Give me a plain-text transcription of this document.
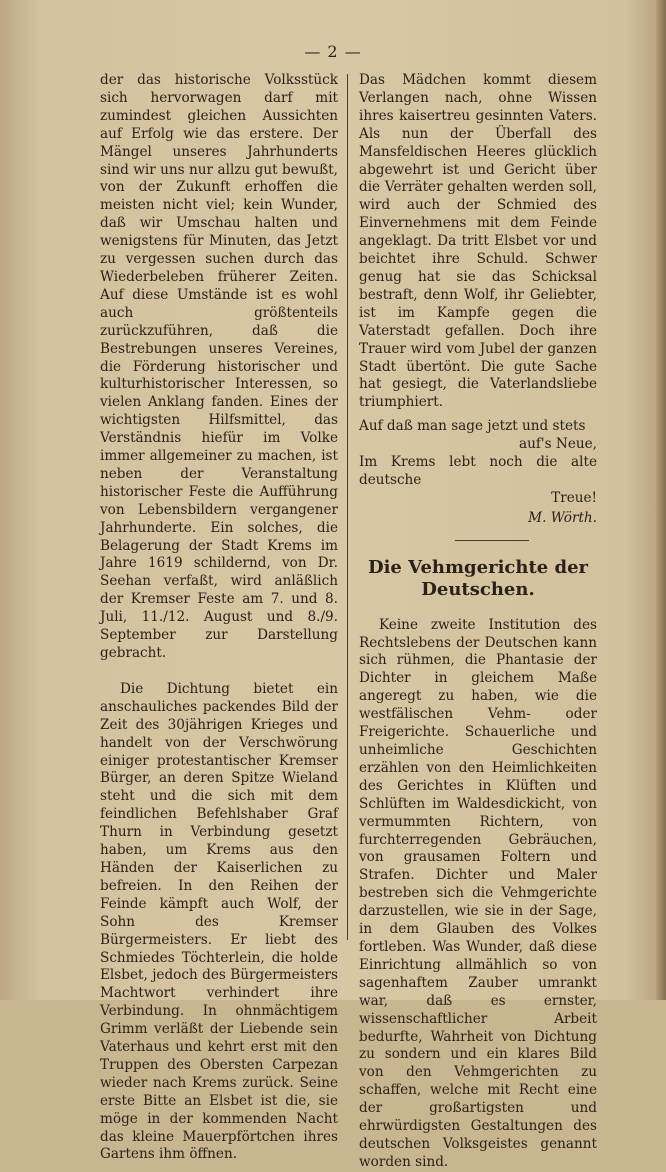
— 2 —

der das historische Volksstück sich hervorwagen darf mit zumindest gleichen Aussichten auf Erfolg wie das erstere. Der Mängel unseres Jahrhunderts sind wir uns nur allzu gut bewußt, von der Zukunft erhoffen die meisten nicht viel; kein Wunder, daß wir Umschau halten und wenigstens für Minuten, das Jetzt zu vergessen suchen durch das Wiederbeleben früherer Zeiten. Auf diese Umstände ist es wohl auch größtenteils zurückzuführen, daß die Bestrebungen unseres Vereines, die Förderung historischer und kulturhistorischer Interessen, so vielen Anklang fanden. Eines der wichtigsten Hilfsmittel, das Verständnis hiefür im Volke immer allgemeiner zu machen, ist neben der Veranstaltung historischer Feste die Aufführung von Lebensbildern vergangener Jahrhunderte. Ein solches, die Belagerung der Stadt Krems im Jahre 1619 schildernd, von Dr. Seehan verfaßt, wird anläßlich der Kremser Feste am 7. und 8. Juli, 11./12. August und 8./9. September zur Darstellung gebracht.

Die Dichtung bietet ein anschauliches packendes Bild der Zeit des 30jährigen Krieges und handelt von der Verschwörung einiger protestantischer Kremser Bürger, an deren Spitze Wieland steht und die sich mit dem feindlichen Befehlshaber Graf Thurn in Verbindung gesetzt haben, um Krems aus den Händen der Kaiserlichen zu befreien. In den Reihen der Feinde kämpft auch Wolf, der Sohn des Kremser Bürgermeisters. Er liebt des Schmiedes Töchterlein, die holde Elsbet, jedoch des Bürgermeisters Machtwort verhindert ihre Verbindung. In ohnmächtigem Grimm verläßt der Liebende sein Vaterhaus und kehrt erst mit den Truppen des Obersten Carpezan wieder nach Krems zurück. Seine erste Bitte an Elsbet ist die, sie möge in der kommenden Nacht das kleine Mauerpförtchen ihres Gartens ihm öffnen.

Das Mädchen kommt diesem Verlangen nach, ohne Wissen ihres kaisertreu gesinnten Vaters. Als nun der Überfall des Mansfeldischen Heeres glücklich abgewehrt ist und Gericht über die Verräter gehalten werden soll, wird auch der Schmied des Einvernehmens mit dem Feinde angeklagt. Da tritt Elsbet vor und beichtet ihre Schuld. Schwer genug hat sie das Schicksal bestraft, denn Wolf, ihr Geliebter, ist im Kampfe gegen die Vaterstadt gefallen. Doch ihre Trauer wird vom Jubel der ganzen Stadt übertönt. Die gute Sache hat gesiegt, die Vaterlandsliebe triumphiert.

Auf daß man sage jetzt und stets
auf's Neue,
Im Krems lebt noch die alte deutsche
Treue!
M. Wörth.
Die Vehmgerichte der Deutschen.

Keine zweite Institution des Rechtslebens der Deutschen kann sich rühmen, die Phantasie der Dichter in gleichem Maße angeregt zu haben, wie die westfälischen Vehm- oder Freigerichte. Schauerliche und unheimliche Geschichten erzählen von den Heimlichkeiten des Gerichtes in Klüften und Schlüften im Waldesdickicht, von vermummten Richtern, von furchterregenden Gebräuchen, von grausamen Foltern und Strafen. Dichter und Maler bestreben sich die Vehmgerichte darzustellen, wie sie in der Sage, in dem Glauben des Volkes fortleben. Was Wunder, daß diese Einrichtung allmählich so von sagenhaftem Zauber umrankt war, daß es ernster, wissenschaftlicher Arbeit bedurfte, Wahrheit von Dichtung zu sondern und ein klares Bild von den Vehmgerichten zu schaffen, welche mit Recht eine der großartigsten und ehrwürdigsten Gestaltungen des deutschen Volksgeistes genannt worden sind.
